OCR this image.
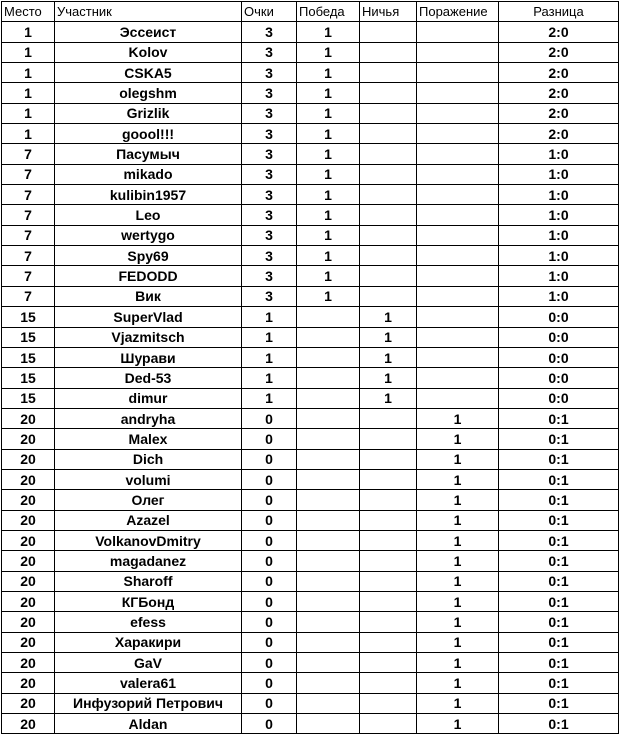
Место	Участник	Очки	Победа	Ничья	Поражение	Разница
1	Эссеист	3	1			2:0
1	Kolov	3	1			2:0
1	CSKA5	3	1			2:0
1	olegshm	3	1			2:0
1	Grizlik	3	1			2:0
1	goool!!!	3	1			2:0
7	Пасумыч	3	1			1:0
7	mikado	3	1			1:0
7	kulibin1957	3	1			1:0
7	Leo	3	1			1:0
7	wertygo	3	1			1:0
7	Spy69	3	1			1:0
7	FEDODD	3	1			1:0
7	Вик	3	1			1:0
15	SuperVlad	1		1		0:0
15	Vjazmitsch	1		1		0:0
15	Шурави	1		1		0:0
15	Ded-53	1		1		0:0
15	dimur	1		1		0:0
20	andryha	0			1	0:1
20	Malex	0			1	0:1
20	Dich	0			1	0:1
20	volumi	0			1	0:1
20	Олег	0			1	0:1
20	Azazel	0			1	0:1
20	VolkanovDmitry	0			1	0:1
20	magadanez	0			1	0:1
20	Sharoff	0			1	0:1
20	КГБонд	0			1	0:1
20	efess	0			1	0:1
20	Харакири	0			1	0:1
20	GaV	0			1	0:1
20	valera61	0			1	0:1
20	Инфузорий Петрович	0			1	0:1
20	Aldan	0			1	0:1
